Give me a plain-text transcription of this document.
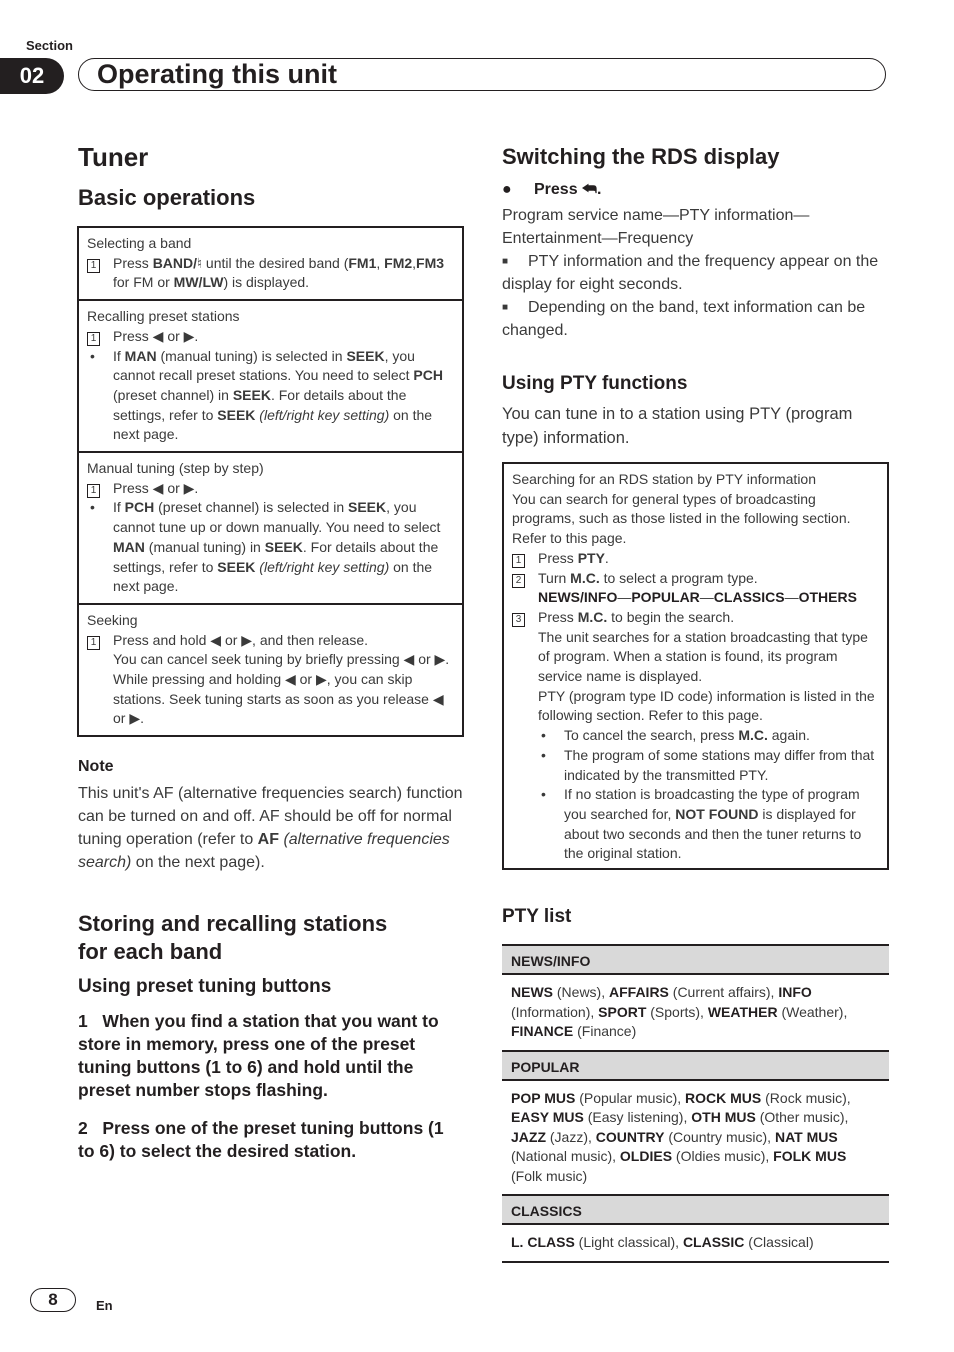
Section
02	Operating this unit
Tuner
Basic operations
Selecting a band
1	Press BAND/♮ until the desired band (FM1, FM2,FM3 for FM or MW/LW) is displayed.
Recalling preset stations
1	Press ◀ or ▶.
•	If MAN (manual tuning) is selected in SEEK, you cannot recall preset stations. You need to select PCH (preset channel) in SEEK. For details about the settings, refer to SEEK (left/right key setting) on the next page.
Manual tuning (step by step)
1	Press ◀ or ▶.
•	If PCH (preset channel) is selected in SEEK, you cannot tune up or down manually. You need to select MAN (manual tuning) in SEEK. For details about the settings, refer to SEEK (left/right key setting) on the next page.
Seeking
1	Press and hold ◀ or ▶, and then release.
You can cancel seek tuning by briefly pressing ◀ or ▶.
While pressing and holding ◀ or ▶, you can skip stations. Seek tuning starts as soon as you release ◀ or ▶.
Note

This unit's AF (alternative frequencies search) function can be turned on and off. AF should be off for normal tuning operation (refer to AF (alternative frequencies search) on the next page).

Storing and recalling stations
for each band
Using preset tuning buttons
1   When you find a station that you want to store in memory, press one of the preset tuning buttons (1 to 6) and hold until the preset number stops flashing.
2   Press one of the preset tuning buttons (1 to 6) to select the desired station.
Switching the RDS display
● Press ⮪.

Program service name—PTY information—Entertainment—Frequency

■ PTY information and the frequency appear on the display for eight seconds.

■ Depending on the band, text information can be changed.

Using PTY functions

You can tune in to a station using PTY (program type) information.

Searching for an RDS station by PTY information
You can search for general types of broadcasting programs, such as those listed in the following section. Refer to this page.
1	Press PTY.
2	Turn M.C. to select a program type.
NEWS/INFO—POPULAR—CLASSICS—OTHERS
3	Press M.C. to begin the search.
The unit searches for a station broadcasting that type of program. When a station is found, its program service name is displayed.
PTY (program type ID code) information is listed in the following section. Refer to this page.
•	To cancel the search, press M.C. again.
•	The program of some stations may differ from that indicated by the transmitted PTY.
•	If no station is broadcasting the type of program you searched for, NOT FOUND is displayed for about two seconds and then the tuner returns to the original station.
PTY list
NEWS/INFO
NEWS (News), AFFAIRS (Current affairs), INFO (Information), SPORT (Sports), WEATHER (Weather), FINANCE (Finance)
POPULAR
POP MUS (Popular music), ROCK MUS (Rock music), EASY MUS (Easy listening), OTH MUS (Other music), JAZZ (Jazz), COUNTRY (Country music), NAT MUS (National music), OLDIES (Oldies music), FOLK MUS (Folk music)
CLASSICS
L. CLASS (Light classical), CLASSIC (Classical)
8	En
